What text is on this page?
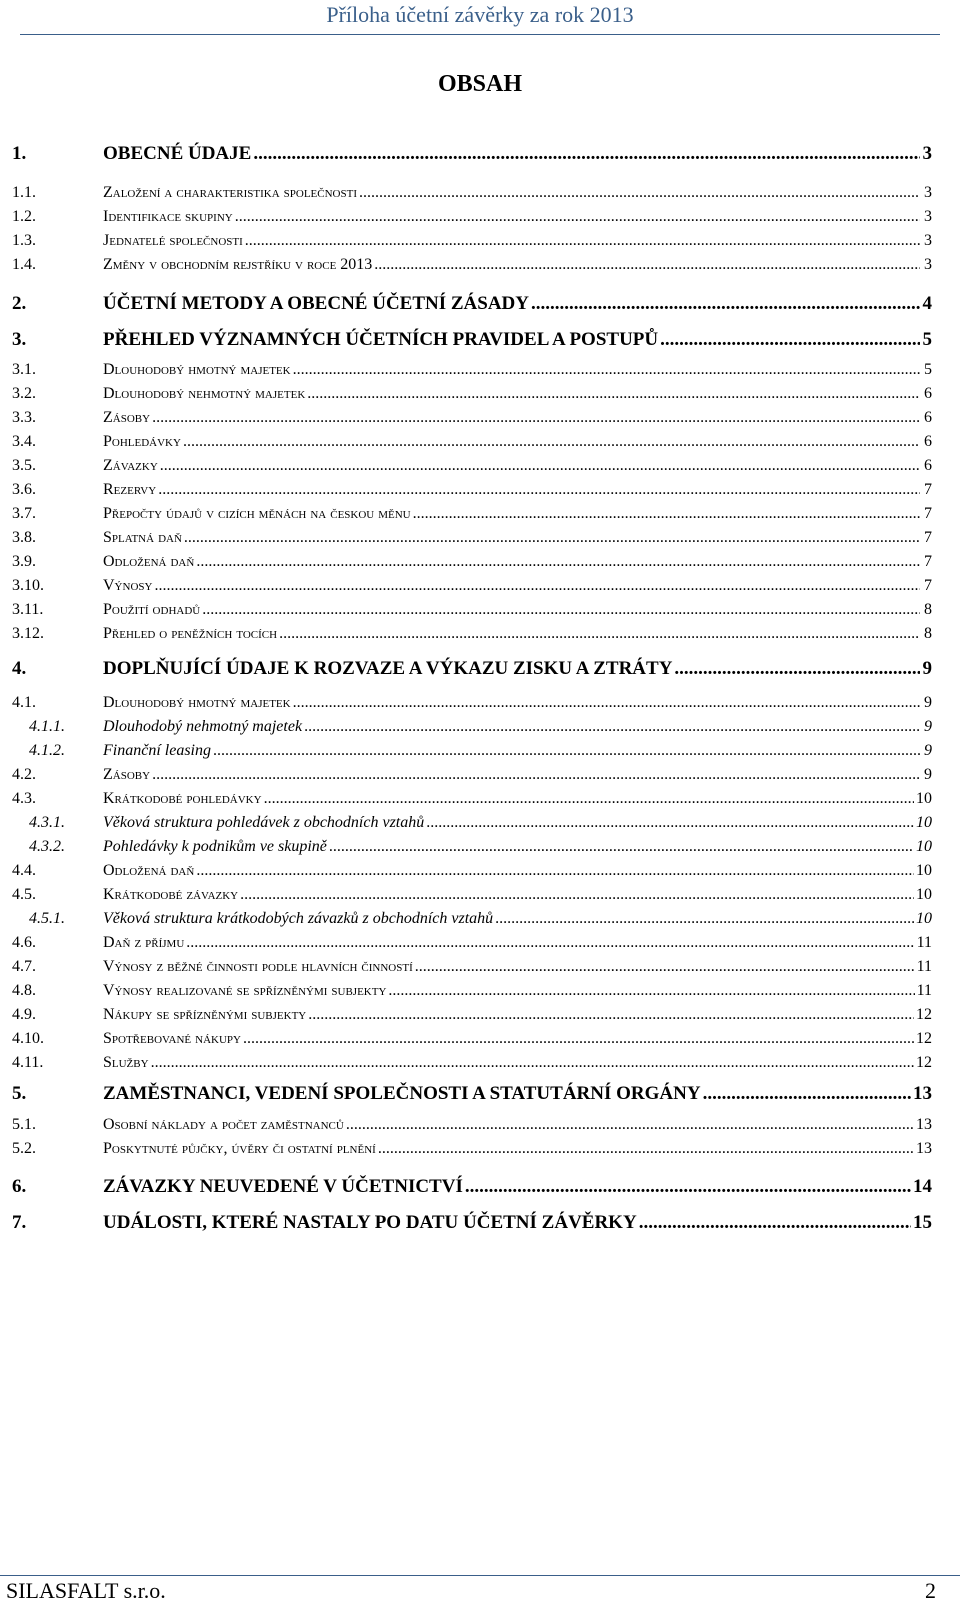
Příloha účetní závěrky za rok 2013
OBSAH
1.	OBECNÉ ÚDAJE .....	3
1.1.	Založení a charakteristika společnosti .....	3
1.2.	Identifikace skupiny .....	3
1.3.	Jednatelé společnosti .....	3
1.4.	Změny v obchodním rejstříku v roce 2013 .....	3
2.	ÚČETNÍ METODY A OBECNÉ ÚČETNÍ ZÁSADY .....	4
3.	PŘEHLED VÝZNAMNÝCH ÚČETNÍCH PRAVIDEL A POSTUPŮ .....	5
3.1.	Dlouhodobý hmotný majetek .....	5
3.2.	Dlouhodobý nehmotný majetek .....	6
3.3.	Zásoby .....	6
3.4.	Pohledávky .....	6
3.5.	Závazky .....	6
3.6.	Rezervy .....	7
3.7.	Přepočty údajů v cizích měnách na českou měnu .....	7
3.8.	Splatná daň .....	7
3.9.	Odložená daň .....	7
3.10.	Výnosy .....	7
3.11.	Použití odhadů .....	8
3.12.	Přehled o peněžních tocích .....	8
4.	DOPLŇUJÍCÍ ÚDAJE K ROZVAZE A VÝKAZU ZISKU A ZTRÁTY .....	9
4.1.	Dlouhodobý hmotný majetek .....	9
4.1.1.	Dlouhodobý nehmotný majetek .....	9
4.1.2.	Finanční leasing .....	9
4.2.	Zásoby .....	9
4.3.	Krátkodobé pohledávky .....	10
4.3.1.	Věková struktura pohledávek z obchodních vztahů .....	10
4.3.2.	Pohledávky k podnikům ve skupině .....	10
4.4.	Odložená daň .....	10
4.5.	Krátkodobé závazky .....	10
4.5.1.	Věková struktura krátkodobých závazků z obchodních vztahů .....	10
4.6.	Daň z příjmu .....	11
4.7.	Výnosy z běžné činnosti podle hlavních činností .....	11
4.8.	Výnosy realizované se spřízněnými subjekty .....	11
4.9.	Nákupy se spřízněnými subjekty .....	12
4.10.	Spotřebované nákupy .....	12
4.11.	Služby .....	12
5.	ZAMĚSTNANCI, VEDENÍ SPOLEČNOSTI A STATUTÁRNÍ ORGÁNY .....	13
5.1.	Osobní náklady a počet zaměstnanců .....	13
5.2.	Poskytnuté půjčky, úvěry či ostatní plnění .....	13
6.	ZÁVAZKY NEUVEDENÉ V ÚČETNICTVÍ .....	14
7.	UDÁLOSTI, KTERÉ NASTALY PO DATU ÚČETNÍ ZÁVĚRKY .....	15
SILASFALT s.r.o.	2
